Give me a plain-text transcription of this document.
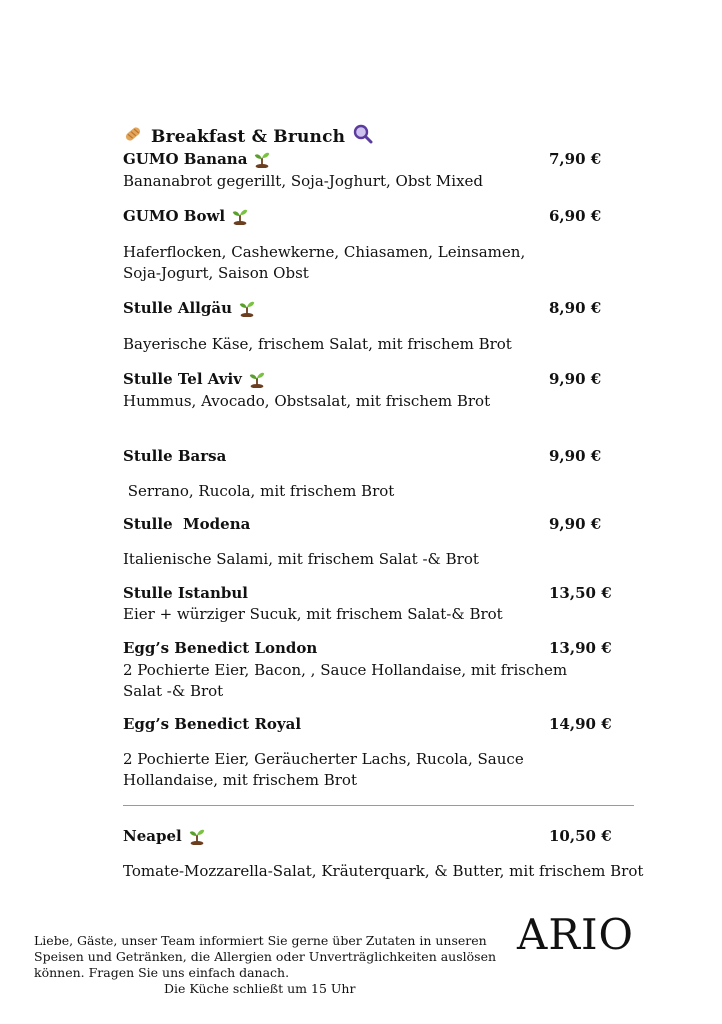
Breakfast & Brunch
GUMO Banana	7,90 €
Bananabrot gegerillt, Soja-Joghurt, Obst Mixed
GUMO Bowl	6,90 €
Haferflocken, Cashewkerne, Chiasamen, Leinsamen, Soja-Jogurt, Saison Obst
Stulle Allgäu	8,90 €
Bayerische Käse, frischem Salat, mit frischem Brot
Stulle Tel Aviv	9,90 €
Hummus, Avocado, Obstsalat, mit frischem Brot
Stulle Barsa	9,90 €
Serrano, Rucola, mit frischem Brot
Stulle  Modena	9,90 €
Italienische Salami, mit frischem Salat -& Brot
Stulle Istanbul	13,50 €
Eier + würziger Sucuk, mit frischem Salat-& Brot
Egg’s Benedict London	13,90 €
2 Pochierte Eier, Bacon, , Sauce Hollandaise, mit frischem Salat -& Brot
Egg’s Benedict Royal	14,90 €
2 Pochierte Eier, Geräucherter Lachs, Rucola, Sauce Hollandaise, mit frischem Brot
Neapel	10,50 €
Tomate-Mozzarella-Salat, Kräuterquark, & Butter, mit frischem Brot
Liebe, Gäste, unser Team informiert Sie gerne über Zutaten in unseren Speisen und Getränken, die Allergien oder Unverträglichkeiten auslösen können. Fragen Sie uns einfach danach.
Die Küche schließt um 15 Uhr
ARIO
